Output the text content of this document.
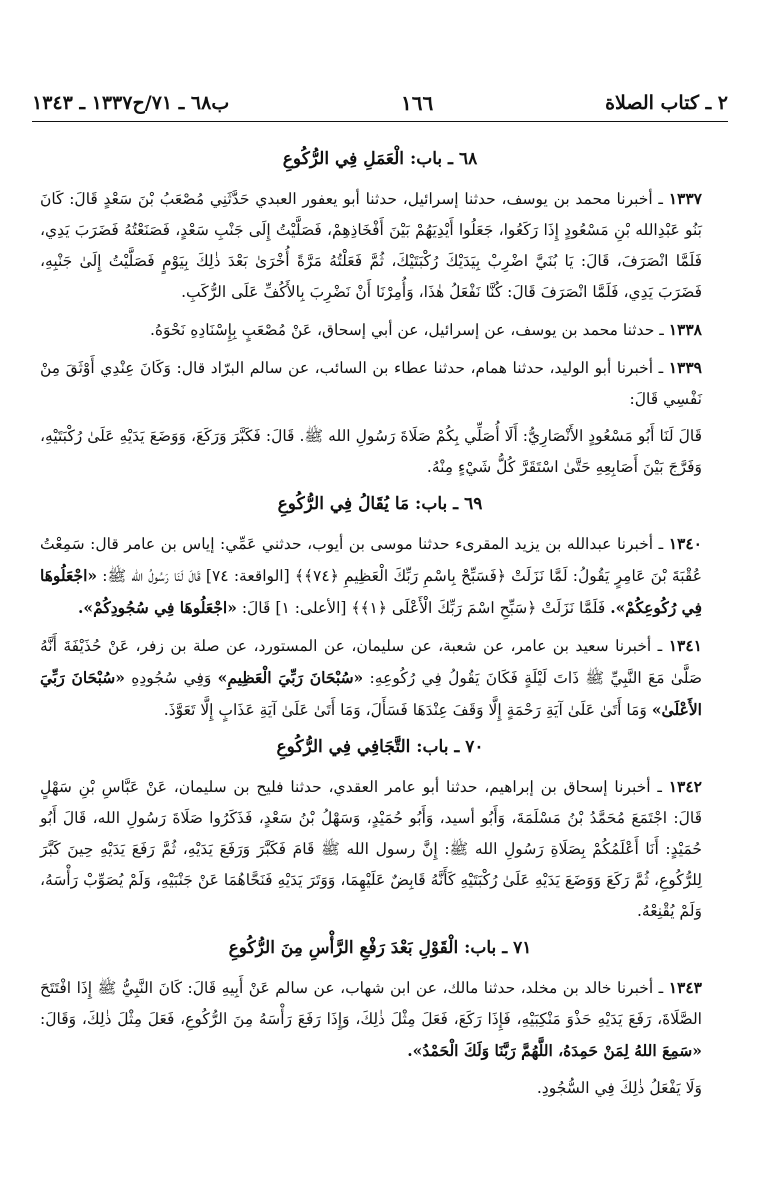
٢ ـ كتاب الصلاة
١٦٦
ب٦٨ ـ ٧١/ح١٣٣٧ ـ ١٣٤٣
٦٨ ـ باب: الْعَمَلِ فِي الرُّكُوعِ

١٣٣٧ ـ أخبرنا محمد بن يوسف، حدثنا إسرائيل، حدثنا أبو يعفور العبدي حَدَّثَنِي مُصْعَبُ بْنَ سَعْدٍ قَالَ: كَانَ بَنُو عَبْدِالله بْنِ مَسْعُودٍ إِذَا رَكَعُوا، جَعَلُوا أَيْدِيَهُمْ بَيْنَ أَفْخَاذِهِمْ، فَصَلَّيْتُ إِلَى جَنْبِ سَعْدٍ، فَصَنَعْتُهُ فَضَرَبَ يَدِي، فَلَمَّا انْصَرَفَ، قَالَ: يَا بُنَيَّ اضْرِبْ بِيَدَيْكَ رُكْبَتَيْكَ، ثُمَّ فَعَلْتُهُ مَرَّةً أُخْرَىٰ بَعْدَ ذٰلِكَ بِيَوْمٍ فَصَلَّيْتُ إِلَىٰ جَنْبِهِ، فَضَرَبَ يَدِي، فَلَمَّا انْصَرَفَ قَالَ: كُنَّا نَفْعَلُ هٰذَا، وَأُمِرْنَا أَنْ نَضْرِبَ بِالأَكُفِّ عَلَى الرُّكَبِ.

١٣٣٨ ـ حدثنا محمد بن يوسف، عن إسرائيل، عن أبي إسحاق، عَنْ مُصْعَبٍ بِإِسْنَادِهِ نَحْوَهُ.

١٣٣٩ ـ أخبرنا أبو الوليد، حدثنا همام، حدثنا عطاء بن السائب، عن سالم البرّاد قال: وَكَانَ عِنْدِي أَوْثَقَ مِنْ نَفْسِي قَالَ:

قَالَ لَنَا أَبُو مَسْعُودٍ الأَنْصَارِيُّ: أَلَا أُصَلِّي بِكُمْ صَلَاةَ رَسُولِ الله ﷺ. قَالَ: فَكَبَّرَ وَرَكَعَ، وَوَضَعَ يَدَيْهِ عَلَىٰ رُكْبَتَيْهِ، وَفَرَّجَ بَيْنَ أَصَابِعِهِ حَتَّىٰ اسْتَقَرَّ كُلُّ شَيْءٍ مِنْهُ.

٦٩ ـ باب: مَا يُقَالُ فِي الرُّكُوعِ

١٣٤٠ ـ أخبرنا عبدالله بن يزيد المقرىء حدثنا موسى بن أيوب، حدثني عَمِّي: إياس بن عامر قال: سَمِعْتُ عُقْبَةَ بْنَ عَامِرٍ يَقُولُ: لَمَّا نَزَلَتْ ﴿فَسَبِّحْ بِاسْمِ رَبِّكَ الْعَظِيمِ ﴿٧٤﴾﴾ [الواقعة: ٧٤] قَالَ لَنَا رَسُولُ الله ﷺ: «اجْعَلُوهَا فِي رُكُوعِكُمْ». فَلَمَّا نَزَلَتْ ﴿سَبِّحِ اسْمَ رَبِّكَ الْأَعْلَى ﴿١﴾﴾ [الأعلى: ١] قَالَ: «اجْعَلُوهَا فِي سُجُودِكُمْ».

١٣٤١ ـ أخبرنا سعيد بن عامر، عن شعبة، عن سليمان، عن المستورد، عن صلة بن زفر، عَنْ حُذَيْفَةَ أَنَّهُ صَلَّىٰ مَعَ النَّبِيِّ ﷺ ذَاتَ لَيْلَةٍ فَكَانَ يَقُولُ فِي رُكُوعِهِ: «سُبْحَانَ رَبِّيَ الْعَظِيمِ» وَفِي سُجُودِهِ «سُبْحَانَ رَبِّيَ الأَعْلَىٰ» وَمَا أَتَىٰ عَلَىٰ آيَةِ رَحْمَةٍ إِلَّا وَقَفَ عِنْدَهَا فَسَأَلَ، وَمَا أَتَىٰ عَلَىٰ آيَةِ عَذَابٍ إِلَّا تَعَوَّذَ.

٧٠ ـ باب: التَّجَافِي فِي الرُّكُوعِ

١٣٤٢ ـ أخبرنا إسحاق بن إبراهيم، حدثنا أبو عامر العقدي، حدثنا فليح بن سليمان، عَنْ عَبَّاسِ بْنِ سَهْلٍ قَالَ: اجْتَمَعَ مُحَمَّدُ بْنُ مَسْلَمَةَ، وَأَبُو أسيد، وَأَبُو حُمَيْدٍ، وَسَهْلُ بْنُ سَعْدٍ، فَذَكَرُوا صَلَاةَ رَسُولِ الله، قَالَ أَبُو حُمَيْدٍ: أَنَا أَعْلَمُكُمْ بِصَلَاةِ رَسُولِ الله ﷺ: إِنَّ رسول الله ﷺ قَامَ فَكَبَّرَ وَرَفَعَ يَدَيْهِ، ثُمَّ رَفَعَ يَدَيْهِ حِينَ كَبَّرَ لِلرُّكُوعِ، ثُمَّ رَكَعَ وَوَضَعَ يَدَيْهِ عَلَىٰ رُكْبَتَيْهِ كَأَنَّهُ قَابِضٌ عَلَيْهِمَا، وَوَتَرَ يَدَيْهِ فَنَحَّاهُمَا عَنْ جَنْبَيْهِ، وَلَمْ يُصَوِّبْ رَأْسَهُ، وَلَمْ يُقْنِعْهُ.

٧١ ـ باب: الْقَوْلِ بَعْدَ رَفْعِ الرَّأْسِ مِنَ الرُّكُوعِ

١٣٤٣ ـ أخبرنا خالد بن مخلد، حدثنا مالك، عن ابن شهاب، عن سالم عَنْ أَبِيهِ قَالَ: كَانَ النَّبِيُّ ﷺ إِذَا افْتَتَحَ الصَّلَاةَ، رَفَعَ يَدَيْهِ حَذْوَ مَنْكِبَيْهِ، فَإِذَا رَكَعَ، فَعَلَ مِثْلَ ذٰلِكَ، وَإِذَا رَفَعَ رَأْسَهُ مِنَ الرُّكُوعِ، فَعَلَ مِثْلَ ذٰلِكَ، وَقَالَ: «سَمِعَ اللهُ لِمَنْ حَمِدَهُ، اللَّهُمَّ رَبَّنَا وَلَكَ الْحَمْدُ».

وَلَا يَفْعَلُ ذٰلِكَ فِي السُّجُودِ.
